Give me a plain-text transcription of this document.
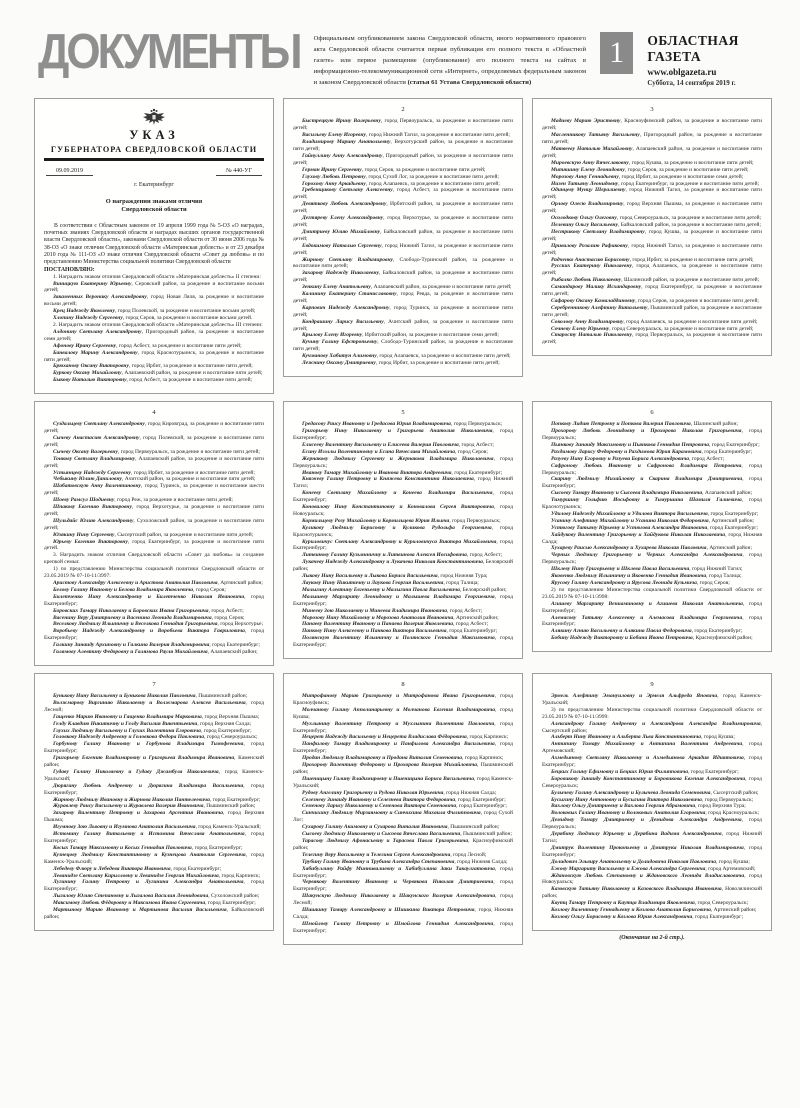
ДОКУМЕНТЫ Официальным опубликованием закона Свердловской области, иного нормативного правового акта Свердловской области считается первая публикация его полного текста в «Областной газете» или первое размещение (опубликование) его полного текста на сайтах в информационно-телекоммуникационной сети «Интернет», определяемых федеральным законом и законом Свердловской области (статья 61 Устава Свердловской области)
1 ОБЛАСТНАЯ ГАЗЕТА
www.oblgazeta.ru
Суббота, 14 сентября 2019 г.
УКАЗ
ГУБЕРНАТОРА СВЕРДЛОВСКОЙ ОБЛАСТИ
09.09.2019	№ 440-УГ
г. Екатеринбург
О награждении знаками отличия
Свердловской области

В соответствии с Областным законом от 19 апреля 1999 года № 5-ОЗ «О наградах, почетных званиях Свердловской области и наградах высших органов государственной власти Свердловской области», законами Свердловской области от 30 июня 2006 года № 38-ОЗ «О знаке отличия Свердловской области «Материнская доблесть» и от 23 декабря 2010 года № 111-ОЗ «О знаке отличия Свердловской области «Совет да любовь» и по представлению Министерства социальной политики Свердловской области

ПОСТАНОВЛЯЮ:

1. Наградить знаком отличия Свердловской области «Материнская доблесть» II степени:

Виницкую Екатерину Юрьевну, Серовский район, за рождение и воспитание восьми детей;

Закаменных Веронику Александровну, город Новая Ляля, за рождение и воспитание восьми детей;

Крец Надежду Яковлевну, город Полевской, за рождение и воспитание восьми детей;

Хлопину Надежду Сергеевну, город Серов, за рождение и воспитание восьми детей.

2. Наградить знаком отличия Свердловской области «Материнская доблесть» III степени:

Алдонину Светлану Александровну, Пригородный район, за рождение и воспитание семи детей;

Афонову Ирину Сергеевну, город Асбест, за рождение и воспитание пяти детей;

Банвалову Марину Александровну, город Краснотурьинск, за рождение и воспитание пяти детей;

Брюханову Оксану Викторовну, город Ирбит, за рождение и воспитание пяти детей;

Буркову Оксану Михайловну, Алапаевский район, за рождение и воспитание пяти детей;

Быкову Наталью Викторовну, город Асбест, за рождение и воспитание пяти детей;

2

Быстрецкую Ирину Валерьевну, город Первоуральск, за рождение и воспитание пяти детей;

Васильеву Елену Игоревну, город Нижний Тагил, за рождение и воспитание пяти детей;

Владимирову Марину Анатольевну, Верхотурский район, за рождение и воспитание пяти детей;

Гайнуллину Анну Александровну, Пригородный район, за рождение и воспитание пяти детей;

Герман Ирину Сергеевну, город Серов, за рождение и воспитание пяти детей;

Глухову Любовь Петровну, город Сухой Лог, за рождение и воспитание пяти детей;

Горохову Анну Аркадьевну, город Алапаевск, за рождение и воспитание пяти детей;

Гребенщикову Светлану Алексеевну, город Асбест, за рождение и воспитание пяти детей;

Девяткову Любовь Александровну, Ирбитский район, за рождение и воспитание пяти детей;

Дегтяреву Елену Александровну, город Верхотурье, за рождение и воспитание пяти детей;

Дмитриеву Юлию Михайловну, Байкаловский район, за рождение и воспитание пяти детей;

Евдокимову Наталью Сергеевну, город Нижний Тагил, за рождение и воспитание пяти детей;

Жирнову Светлану Владимировну, Слободо-Туринский район, за рождение и воспитание пяти детей;

Захарову Надежду Николаевну, Байкаловский район, за рождение и воспитание пяти детей;

Зенкину Елену Анатольевну, Алапаевский район, за рождение и воспитание пяти детей;

Калинину Екатерину Станиславовну, город Ревда, за рождение и воспитание пяти детей;

Карпович Надежду Александровну, город Туринск, за рождение и воспитание пяти детей;

Кондрашину Ларису Васильевну, Ачитский район, за рождение и воспитание пяти детей;

Крылову Елену Игоревну, Ирбитский район, за рождение и воспитание семи детей;

Кучину Галину Ефстропьевну, Слободо-Туринский район, за рождение и воспитание пяти детей;

Кучманову Хабитун Алимовну, город Алапаевск, за рождение и воспитание пяти детей;

Лежнину Оксану Дмитриевну, город Ирбит, за рождение и воспитание пяти детей;

3

Мадиеву Марию Эристовну, Красноуфимский район, за рождение и воспитание пяти детей;

Масленникову Татьяну Васильевну, Пригородный район, за рождение и воспитание пяти детей;

Матвееву Наталью Михайловну, Алапаевский район, за рождение и воспитание пяти детей;

Мироевскую Анну Вячеславовну, город Кушва, за рождение и воспитание пяти детей;

Митяшину Елену Леонидовну, город Серов, за рождение и воспитание пяти детей;

Морозову Анну Геннадьевну, город Ирбит, за рождение и воспитание семи детей;

Низен Татьяну Леонидовну, город Екатеринбург, за рождение и воспитание пяти детей;

Одинцеву Мунцу Шералиевну, город Нижний Тагил, за рождение и воспитание пяти детей;

Орлову Олесю Владимировну, город Верхняя Пышма, за рождение и воспитание пяти детей;

Осолодкову Ольгу Олеговну, город Североуральск, за рождение и воспитание пяти детей;

Пелевину Ольгу Васильевну, Байкаловский район, за рождение и воспитание пяти детей;

Пестрикову Светлану Владимировну, город Кушва, за рождение и воспитание пяти детей;

Привалову Розалию Рафиковну, город Нижний Тагил, за рождение и воспитание пяти детей;

Радченко Анастасию Борисовну, город Ирбит, за рождение и воспитание пяти детей;

Русских Екатерину Николаевну, город Алапаевск, за рождение и воспитание пяти детей;

Рыбалко Любовь Николаевну, Шалинский район, за рождение и воспитание пяти детей;

Самандарову Малику Исхандаровну, город Екатеринбург, за рождение и воспитание пяти детей;

Сафарову Оксану Камаладдиновну, город Серов, за рождение и воспитание пяти детей;

Серебренникову Алефтину Витальевну, Пышминский район, за рождение и воспитание пяти детей;

Соколову Анну Владимировну, город Алапаевск, за рождение и воспитание пяти детей;

Сочневу Елену Юрьевну, город Североуральск, за рождение и воспитание пяти детей;

Старосту Наталью Николаевну, город Первоуральск, за рождение и воспитание пяти детей;

4

Суздальцеву Светлану Александровну, город Кировград, за рождение и воспитание пяти детей;

Сычеву Анастасию Александровну, город Полевской, за рождение и воспитание пяти детей;

Сычеву Оксану Валерьевну, город Первоуральск, за рождение и воспитание пяти детей;

Тонкову Светлану Владимировну, Алапаевский район, за рождение и воспитание пяти детей;

Устьянцеву Надежду Сергеевну, город Ирбит, за рождение и воспитание пяти детей;

Чебыкину Юлию Даниловну, Ачитский район, за рождение и воспитание пяти детей;

Шабатовскую Анну Валентиновну, город Туринск, за рождение и воспитание шести детей;

Шоеву Рамсул Шодиевну, город Реж, за рождение и воспитание пяти детей;

Шпакову Евгению Викторовну, город Верхотурье, за рождение и воспитание пяти детей;

Шульдайс Юлию Александровну, Сухоложский район, за рождение и воспитание пяти детей;

Юзякину Нину Сергеевну, Сысертский район, за рождение и воспитание пяти детей;

Юрьеву Евгению Викторовну, город Екатеринбург, за рождение и воспитание пяти детей.

3. Наградить знаком отличия Свердловской области «Совет да любовь» за создание крепкой семьи:

1) по представлению Министерства социальной политики Свердловской области от 23.05.2019 № 07-10-11/3997:

Аристову Александру Алексеевну и Аристова Анатолия Павловича, Артинский район;

Белову Галину Ивановну и Белова Владимира Яковлевича, город Серов;

Билетченко Нину Александровну и Билетченко Николая Ивановича, город Екатеринбург;

Боровских Тамару Николаевну и Боровских Ивана Григорьевича, город Асбест;

Васенину Веру Дмитриевну и Васенина Леонида Владимировича, город Серов;

Веселкову Людмилу Ильиничну и Веселкова Геннадия Григорьевича, город Верхотурье;

Воробьеву Надежду Александровну и Воробьева Виктора Гавриловича, город Екатеринбург;

Галкину Зинаиду Архиповну и Галкина Валерия Владимировича, город Екатеринбург;

Галямову Алевтину Федоровну и Галямова Рауля Михайловича, Алапаевский район;

5

Гредасову Раису Ивановну и Гредасова Юрия Владимировича, город Первоуральск;

Григорьеву Нину Николаевну и Григорьева Анатолия Николаевича, город Екатеринбург;

Елисееву Валентину Васильевну и Елисеева Валерия Павловича, город Асбест;

Есину Изэллы Валентиновну и Есина Вячеслава Михайловича, город Серов;

Жернакову Людмилу Сергеевну и Жернакова Владимира Николаевича, город Первоуральск;

Иванову Тамару Михайловну и Иванова Виктора Андреевича, город Екатеринбург;

Княжеву Галину Петровну и Княжева Константина Николаевича, город Нижний Тагил;

Конееву Светлану Михайловну и Конеева Владимира Васильевича, город Екатеринбург;

Коновалову Нину Константиновну и Коновалова Сергея Викторовича, город Новоуральск;

Кормильцеву Розу Михайловну и Кормильцева Юрия Ильича, город Первоуральск;

Куликову Людмилу Борисовну и Куликова Рудольфа Георгиевича, город Краснотурьинск;

Куриловичус Светлану Александровну и Куриловичуса Виктора Михайловича, город Екатеринбург;

Литвинову Галину Кузьминичну и Литвинова Алексея Иосифовича, город Асбест;

Лукачеву Надежду Александровну и Лукачева Николая Константиновича, Белоярский район;

Лыкову Нину Васильевну и Лыкова Бориса Васильевича, город Нижняя Тура;

Лаукову Нину Никитичну и Лаукова Георгия Васильевича, город Талица;

Малыгину Алевтину Евгеньевну и Малыгина Павла Васильевича, Белоярский район;

Малышеву Маргариту Леонидовну и Малышева Владимира Георгиевича, город Екатеринбург;

Минееву Зою Николаевну и Минеева Владимира Ивановича, город Асбест;

Морозову Нину Михайловну и Морозова Анатолия Ивановича, Артинский район;

Панаеву Валентину Ивановну и Панаева Валерия Яковлевича, город Асбест;

Панкову Нину Алексеевну и Панкова Виктора Васильевича, город Екатеринбург;

Полянскую Валентину Ильиничну и Полянского Геннадия Максимовича, город Екатеринбург;

6

Попкову Лидию Петровну и Попкова Валерия Павловича, Шалинский район;

Прохорову Любовь Леонидовну и Прохорова Николая Григорьевича, город Первоуральск;

Пьянкову Зинаиду Максимовну и Пьянкова Геннадия Петровича, город Екатеринбург;

Рахдимову Ларису Федоровну и Рахдимова Юрия Карамовича, город Екатеринбург;

Разуеву Нину Егоровну и Разуева Бориса Александровича, город Асбест;

Сафронову Любовь Ивановну и Сафронова Владимира Петровича, город Первоуральск;

Скарину Людмилу Михайловну и Скарина Владимира Дмитриевича, город Екатеринбург;

Сысоеву Тамару Ивановну и Сысоева Владимира Николаевича, Алапаевский район;

Тимуршину Гольфию Иосьфовну и Тимуршина Шамиля Галиевича, город Краснотурьинск;

Удилову Надежду Михайловну и Удилова Виктора Васильевича, город Екатеринбург;

Усанину Алефтину Михайловну и Усанина Николая Федоровича, Артинский район;

Устюгову Татьяну Юрьевну и Устюгова Александра Ивановича, город Екатеринбург;

Хайдукову Валентину Григорьевну и Хайдукова Николая Николаевича, город Нижняя Салда;

Хухареву Раисью Александровну и Хухарева Николая Павловича, Артинский район;

Черных Людмилу Григорьевну и Черных Александра Александровича, город Первоуральск;

Шклеву Нину Григорьевну и Шклева Павла Васильевича, город Нижний Тагил;

Яковенко Людмилу Ильиничну и Яковенко Геннадия Ивановича, город Талица;

Ярусову Галину Александровну и Ярусова Леонида Кузьмича, город Серов;

2) по представлению Министерства социальной политики Свердловской области от 23.05.2019 № 07-10-11/3998:

Агишеву Маргариту Вениаминовну и Агишева Николая Анатольевича, город Екатеринбург;

Алемасову Татьяну Алексеевну и Алемасова Владимира Георгиевича, город Екатеринбург;

Алякину Агнию Васильевну и Алякина Павла Федоровича, город Екатеринбург;

Бобину Надежду Викторовну и Бобина Ивана Петровича, Красноуфимский район;

7

Бунькову Нину Васильевну и Бунькова Николая Павловича, Пышминский район;

Волжмарову Виргинию Николаевну и Волжмарова Алексея Васильевича, город Лесной;

Гащенко Марию Ивановну и Гащенко Владимира Марковича, город Верхняя Пышма;

Гелду Клавдию Никитичну и Гелду Василия Викентьевича, город Верхняя Салда;

Глухих Людмилу Васильевну и Глухих Валентина Егоровича, город Екатеринбург;

Головкову Надежду Андреевну и Головкова Федора Павловича, город Североуральск;

Горбунову Галину Ивановну и Горбунова Владимира Тимофеевича, город Екатеринбург;

Григорьеву Евгению Владимировну и Григорьева Владимира Ивановича, Каменский район;

Гудаву Галину Николаевну и Гудаву Джамбула Николаевича, город Каменск-Уральский;

Дюрягину Любовь Андреевну и Дюрягина Владимира Васильевича, город Екатеринбург;

Жирнову Людмилу Ивановну и Жирнова Николая Пантелеевича, город Екатеринбург;

Журавлеву Раису Васильевну и Журавлева Валерия Ивановича, Пышминский район;

Захарову Валентину Петровну и Захарова Арсентия Ивановича, город Верхняя Пышма;

Игумнову Зою Львовну и Игумнова Анатолия Васильевича, город Каменск-Уральский;

Истомину Галину Витальевну и Истомина Вячеслава Анатольевича, город Екатеринбург;

Косых Тамару Максимовну и Косых Геннадия Павловича, город Екатеринбург;

Кузнецову Людмилу Константиновну и Кузнецова Анатолия Сергеевича, город Каменск-Уральский;

Лебедеву Флюру и Лебедева Виктора Ивановича, город Екатеринбург;

Леванидзе Светлану Кирилловну и Леванидзе Георгия Михайловича, город Карпинск;

Лугинину Галину Петровну и Лугинина Александра Анатольевича, город Екатеринбург;

Лыгалову Юлию Степановну и Лыгалова Василия Леонидовича, Сухоложский район;

Максимову Любовь Фёдоровну и Максимова Ивана Сергеевича, город Екатеринбург;

Мартынову Марию Ивановну и Мартынова Василия Васильевича, Байкаловский район;

8

Митрофанову Марию Григорьевну и Митрофанова Ивана Григорьевича, город Красноуфимск;

Молчанову Галину Апполинарьевну и Молчанова Евгения Владимировича, город Кушва;

Мухлынину Валентину Петровну и Мухлынина Валентина Павловича, город Екатеринбург;

Нецерет Надежду Васильевну и Нецерета Владислава Фёдоровича, город Карпинск;

Панфилову Тамару Владимировну и Панфилова Александра Васильевича, город Екатеринбург;

Продан Людмилу Владимировну и Продана Виталия Семеновича, город Карпинск;

Прохорову Валентину Федоровну и Прохорова Валерия Михайловича, Пышминский район;

Пшеницыну Галину Владимировну и Пшеницына Бориса Васильевича, город Каменск-Уральский;

Рудову Ангелину Григорьевну и Рудова Николая Юрьевича, город Нижняя Салда;

Селезневу Зинаиду Ивановну и Селезнева Виктора Федоровича, город Екатеринбург;

Семенову Ларису Николаевну и Семенова Виктора Семеновича, город Екатеринбург;

Синчихину Людмилу Мирзаямовну и Синчихина Михаила Филипповича, город Сухой Лог;

Сухарову Галину Акимовну и Сухарова Виталия Ивановича, Пышминский район;

Сысоеву Людмилу Николаевну и Сысоева Вячеслава Васильевича, Пышминский район;

Тарасову Людмилу Афонасьевну и Тарасова Павла Григорьевича, Красноуфимский район;

Телегину Веру Васильевну и Телегина Сергея Александровича, город Лесной;

Трубину Галину Ивановну и Трубина Александра Степановича, город Нижняя Салда;

Хабибуллину Райфу Миннивалиевну и Хабибуллина Заки Такаулгатовича, город Екатеринбург;

Червякову Валентину Ивановну и Червякова Николая Дмитриевича, город Екатеринбург;

Шакунскую Людмилу Николаевну и Шакунского Валерия Александровича, город Лесной;

Шишкину Тамару Александровну и Шишкина Виктора Петровича, город Нижняя Салда;

Шмойлову Галину Петровну и Шмойлова Геннадия Александровича, город Екатеринбург;

9

Эрмель Алефтину Эмануиловну и Эрмеля Альфреда Яновича, город Каменск-Уральский;

3) по представлению Министерства социальной политики Свердловской области от 23.05.2019 № 07-10-11/3999:

Александрову Галину Андреевну и Александрова Александра Владимировича, Сысертский район;

Альберт Нину Ивановну и Альберта Льва Константиновича, город Кушва;

Антипину Тамару Михайловну и Антипина Валентина Андреевича, город Артемовский;

Ахмедьянову Светлану Николаевну и Ахмедьянова Аркадия Идиятовича, город Екатеринбург;

Бецких Галину Ефимовну и Бецких Юрия Филипповича, город Екатеринбург;

Боровикову Зинаиду Константиновну и Боровикова Евгения Александровича, город Североуральск;

Булычеву Галину Александровну и Булычева Леонида Семеновича, Сысертский район;

Бусыгину Нину Антоновну и Бусыгина Виктора Николаевича, город Первоуральск;

Вахлову Ольгу Дмитриевну и Вахлова Георгия Абрамовича, город Верхняя Тура;

Волоковых Галину Ивановну и Волоковых Анатолия Егоровича, город Красноуральск;

Демидову Тамару Дмитриевну и Демидова Александра Андреевича, город Первоуральск;

Дерябину Людмилу Юрьевну и Дерябина Вадима Александровича, город Нижний Тагил;

Дмитрук Валентину Прокопьевну и Дмитрука Николая Владимировича, город Екатеринбург;

Долидович Эльвиру Анатольевну и Долидовича Николая Павловича, город Кушва;

Ежову Маргариту Васильевну и Ежова Александра Сергеевича, город Артемовский;

Ждановскую Любовь Степановну и Ждановского Леонида Владиславовича, город Новоуральск;

Казовскую Татьяну Николаевну и Казовского Владимира Ивановича, Новолялинский район;

Каутц Тамару Петровну и Каутца Владимира Яковлевича, город Североуральск;

Козлову Валентину Геннадьевну и Козлова Анатолия Борисовича, Артинский район;

Козлову Ольгу Борисовну и Козлова Юрия Александровича, город Екатеринбург;

(Окончание на 2-й стр.).
